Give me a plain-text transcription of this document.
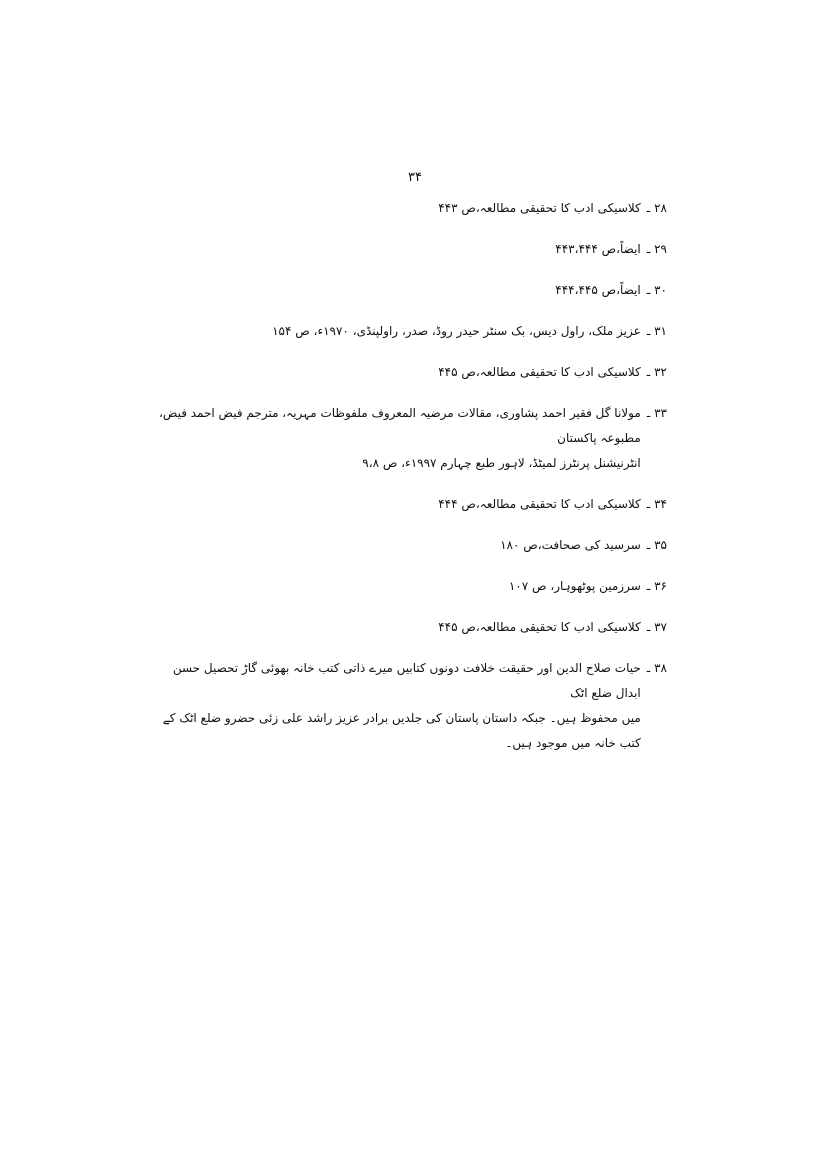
۳۴
۲۸ ـ
کلاسیکی ادب کا تحقیقی مطالعہ،ص ۴۴۳
۲۹ ـ
ایضاً،ص ۴۴۳،۴۴۴
۳۰ ـ
ایضاً،ص ۴۴۴،۴۴۵
۳۱ ـ
عزیز ملک، راول دیس، بک سنٹر حیدر روڈ، صدر، راولپنڈی، ۱۹۷۰ء، ص ۱۵۴
۳۲ ـ
کلاسیکی ادب کا تحقیقی مطالعہ،ص ۴۴۵
۳۳ ـ
مولانا گل فقیر احمد پشاوری، مقالات مرضیہ المعروف ملفوظات مہریہ، مترجم فیض احمد فیض، مطبوعہ پاکستان
انٹرنیشنل پرنٹرز لمیٹڈ، لاہور طبع چہارم ۱۹۹۷ء، ص ۹،۸
۳۴ ـ
کلاسیکی ادب کا تحقیقی مطالعہ،ص ۴۴۴
۳۵ ـ
سرسید کی صحافت،ص ۱۸۰
۳۶ ـ
سرزمین پوٹھوہار، ص ۱۰۷
۳۷ ـ
کلاسیکی ادب کا تحقیقی مطالعہ،ص ۴۴۵
۳۸ ـ
حیات صلاح الدین اور حقیقت خلافت دونوں کتابیں میرے ذاتی کتب خانہ بھوئی گاڑ تحصیل حسن ابدال ضلع اٹک
میں محفوظ ہیں۔ جبکہ داستان پاستان کی جلدیں برادر عزیز راشد علی زئی حضرو ضلع اٹک کے کتب خانہ میں موجود ہیں۔
